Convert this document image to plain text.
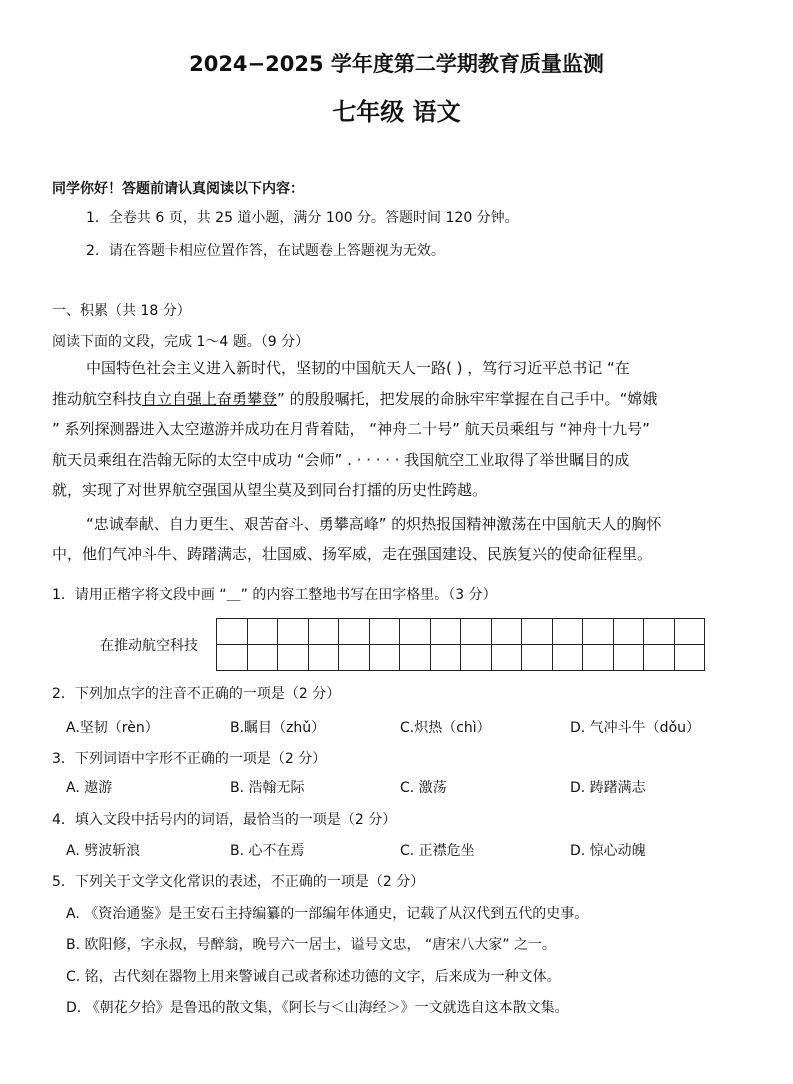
2024−2025 学年度第二学期教育质量监测
七年级 语文
同学你好！答题前请认真阅读以下内容：
1．全卷共 6 页，共 25 道小题，满分 100 分。答题时间 120 分钟。
2．请在答题卡相应位置作答，在试题卷上答题视为无效。
一、积累（共 18 分）
阅读下面的文段，完成 1～4 题。（9 分）
中国特色社会主义进入新时代，坚韧的中国航天人一路( ) ，笃行习近平总书记 “在
推动航空科技自立自强上奋勇攀登” 的殷殷嘱托，把发展的命脉牢牢掌握在自己手中。“嫦娥
” 系列探测器进入太空遨游并成功在月背着陆， “神舟二十号” 航天员乘组与 “神舟十九号”
航天员乘组在浩翰无际的太空中成功 “会师” . · · · · · 我国航空工业取得了举世瞩目的成
就，实现了对世界航空强国从望尘莫及到同台打擂的历史性跨越。
“忠诚奉献、自力更生、艰苦奋斗、勇攀高峰” 的炽热报国精神激荡在中国航天人的胸怀
中，他们气冲斗牛、踌躇满志，壮国威、扬军威，走在强国建设、民族复兴的使命征程里。
1．请用正楷字将文段中画 “＿” 的内容工整地书写在田字格里。（3 分）
在推动航空科技

2．下列加点字的注音不正确的一项是（2 分）
A.坚韧（rèn）	B.瞩目（zhǔ）	C.炽热（chì）	D. 气冲斗牛（dǒu）
3．下列词语中字形不正确的一项是（2 分）
A. 遨游	B. 浩翰无际	C. 激荡	D. 踌躇满志
4．填入文段中括号内的词语，最恰当的一项是（2 分）
A. 劈波斩浪	B. 心不在焉	C. 正襟危坐	D. 惊心动魄
5．下列关于文学文化常识的表述，不正确的一项是（2 分）
A. 《资治通鉴》是王安石主持编纂的一部编年体通史，记载了从汉代到五代的史事。
B. 欧阳修，字永叔，号醉翁，晚号六一居士，谥号文忠， “唐宋八大家” 之一。
C. 铭，古代刻在器物上用来警诫自己或者称述功德的文字，后来成为一种文体。
D. 《朝花夕拾》是鲁迅的散文集，《阿长与＜山海经＞》一文就选自这本散文集。
